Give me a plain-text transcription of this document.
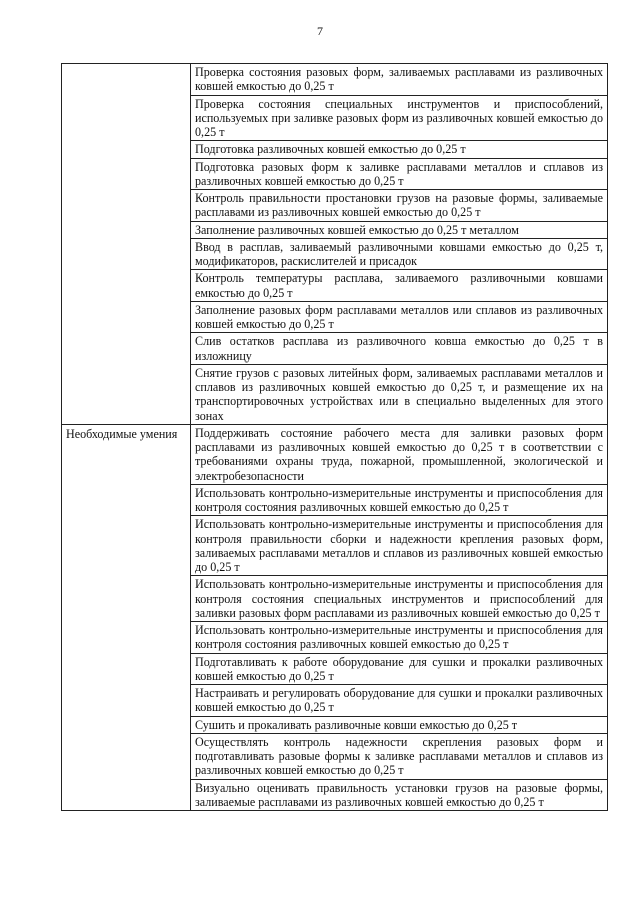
7
	Проверка состояния разовых форм, заливаемых расплавами из разливочных ковшей емкостью до 0,25 т
	Проверка состояния специальных инструментов и приспособлений, используемых при заливке разовых форм из разливочных ковшей емкостью до 0,25 т
	Подготовка разливочных ковшей емкостью до 0,25 т
	Подготовка разовых форм к заливке расплавами металлов и сплавов из разливочных ковшей емкостью до 0,25 т
	Контроль правильности простановки грузов на разовые формы, заливаемые расплавами из разливочных ковшей емкостью до 0,25 т
	Заполнение разливочных ковшей емкостью до 0,25 т металлом
	Ввод в расплав, заливаемый разливочными ковшами емкостью до 0,25 т, модификаторов, раскислителей и присадок
	Контроль температуры расплава, заливаемого разливочными ковшами емкостью до 0,25 т
	Заполнение разовых форм расплавами металлов или сплавов из разливочных ковшей емкостью до 0,25 т
	Слив остатков расплава из разливочного ковша емкостью до 0,25 т в изложницу
	Снятие грузов с разовых литейных форм, заливаемых расплавами металлов и сплавов из разливочных ковшей емкостью до 0,25 т, и размещение их на транспортировочных устройствах или в специально выделенных для этого зонах
Необходимые умения	Поддерживать состояние рабочего места для заливки разовых форм расплавами из разливочных ковшей емкостью до 0,25 т в соответствии с требованиями охраны труда, пожарной, промышленной, экологической и электробезопасности
	Использовать контрольно-измерительные инструменты и приспособления для контроля состояния разливочных ковшей емкостью до 0,25 т
	Использовать контрольно-измерительные инструменты и приспособления для контроля правильности сборки и надежности крепления разовых форм, заливаемых расплавами металлов и сплавов из разливочных ковшей емкостью до 0,25 т
	Использовать контрольно-измерительные инструменты и приспособления для контроля состояния специальных инструментов и приспособлений для заливки разовых форм расплавами из разливочных ковшей емкостью до 0,25 т
	Использовать контрольно-измерительные инструменты и приспособления для контроля состояния разливочных ковшей емкостью до 0,25 т
	Подготавливать к работе оборудование для сушки и прокалки разливочных ковшей емкостью до 0,25 т
	Настраивать и регулировать оборудование для сушки и прокалки разливочных ковшей емкостью до 0,25 т
	Сушить и прокаливать разливочные ковши емкостью до 0,25 т
	Осуществлять контроль надежности скрепления разовых форм и подготавливать разовые формы к заливке расплавами металлов и сплавов из разливочных ковшей емкостью до 0,25 т
	Визуально оценивать правильность установки грузов на разовые формы, заливаемые расплавами из разливочных ковшей емкостью до 0,25 т
